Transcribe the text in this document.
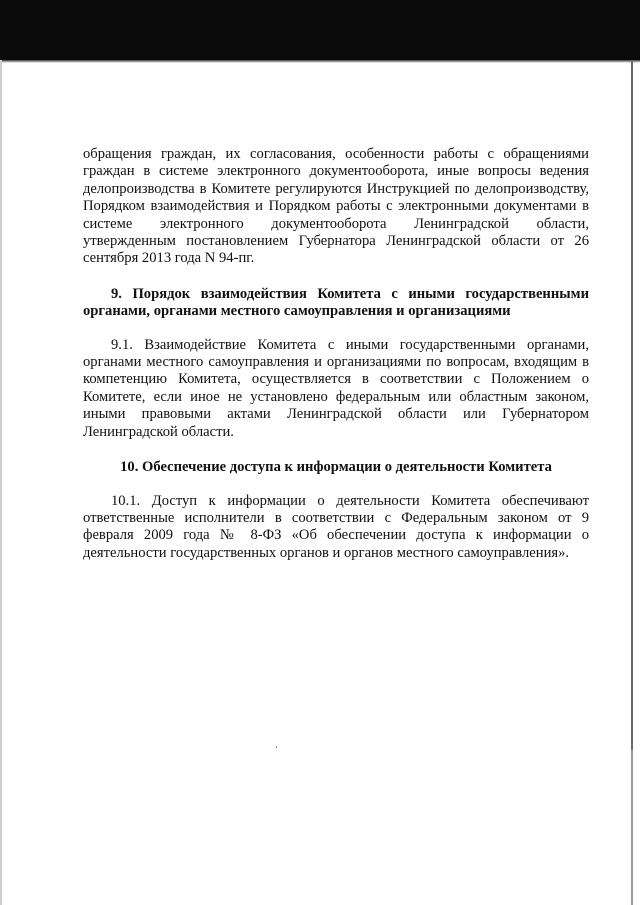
обращения граждан, их согласования, особенности работы с обращениями граждан в системе электронного документооборота, иные вопросы ведения делопроизводства в Комитете регулируются Инструкцией по делопроизводству, Порядком взаимодействия и Порядком работы с электронными документами в системе электронного документооборота Ленинградской области, утвержденным постановлением Губернатора Ленинградской области от 26 сентября 2013 года N 94-пг.

9. Порядок взаимодействия Комитета с иными государственными органами, органами местного самоуправления и организациями

9.1. Взаимодействие Комитета с иными государственными органами, органами местного самоуправления и организациями по вопросам, входящим в компетенцию Комитета, осуществляется в соответствии с Положением о Комитете, если иное не установлено федеральным или областным законом, иными правовыми актами Ленинградской области или Губернатором Ленинградской области.

10. Обеспечение доступа к информации о деятельности Комитета

10.1. Доступ к информации о деятельности Комитета обеспечивают ответственные исполнители в соответствии с Федеральным законом от 9 февраля 2009 года № 8-ФЗ «Об обеспечении доступа к информации о деятельности государственных органов и органов местного самоуправления».
